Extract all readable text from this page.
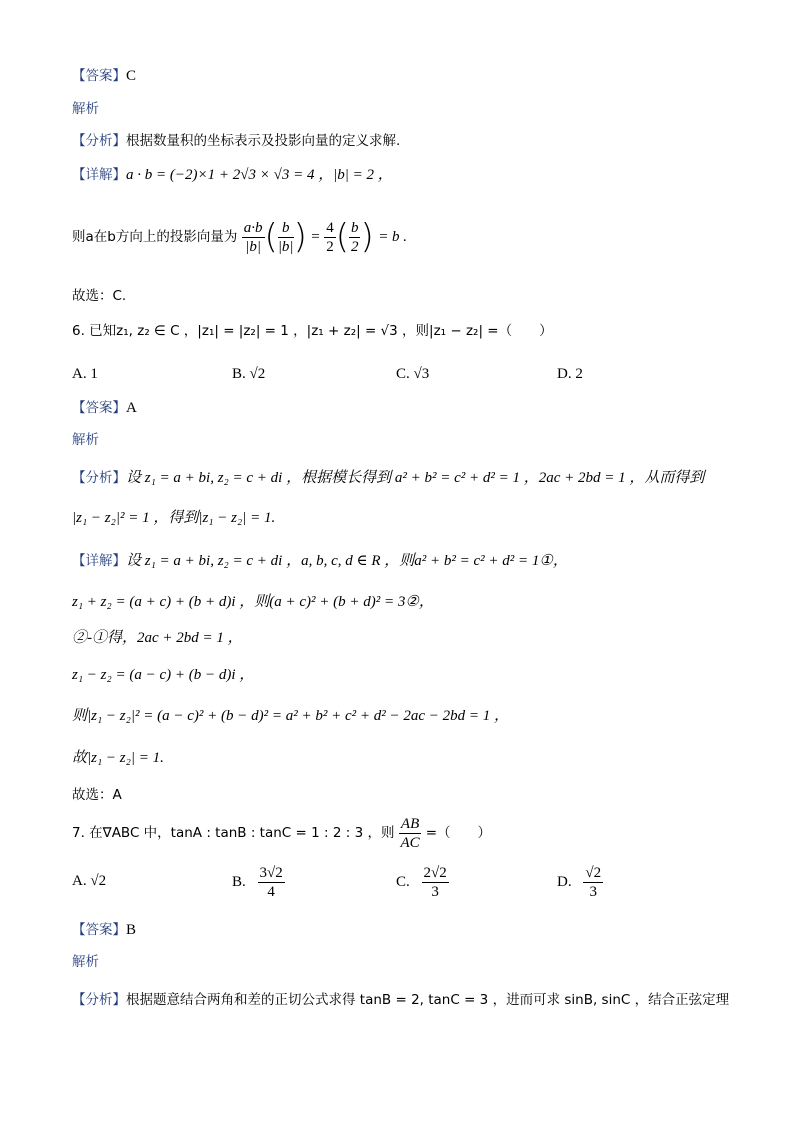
【答案】C
解析
【分析】根据数量积的坐标表示及投影向量的定义求解.
【详解】a · b = (−2)×1 + 2√3 × √3 = 4 ，|b| = 2 ，
则a在b方向上的投影向量为 $\frac{a\cdot b}{|b|}$ ( $\frac{b}{|b|}$ ) = $\frac{4}{2}$ ( $\frac{b}{2}$ ) = b .
故选：C.
6. 已知z₁, z₂ ∈ C ，|z₁| = |z₂| = 1 ，|z₁ + z₂| = √3 ，则|z₁ − z₂| =（　　）
A. 1	B. √2	C. √3	D. 2
【答案】A
解析
【分析】设 z₁ = a + bi, z₂ = c + di ，根据模长得到 a² + b² = c² + d² = 1 ，2ac + 2bd = 1 ，从而得到
|z₁ − z₂|² = 1 ，得到|z₁ − z₂| = 1.
【详解】设 z₁ = a + bi, z₂ = c + di ，a, b, c, d ∈ R ，则a² + b² = c² + d² = 1①，
z₁ + z₂ = (a + c) + (b + d)i ，则(a + c)² + (b + d)² = 3②，
②-①得，2ac + 2bd = 1 ，
z₁ − z₂ = (a − c) + (b − d)i ，
则|z₁ − z₂|² = (a − c)² + (b − d)² = a² + b² + c² + d² − 2ac − 2bd = 1 ，
故|z₁ − z₂| = 1.
故选：A
7. 在∇ABC 中，tanA : tanB : tanC = 1 : 2 : 3 ，则 $\frac{AB}{AC}$ =（　　）
A. √2	B. $\frac{3√2}{4}$	C. $\frac{2√2}{3}$	D. $\frac{√2}{3}$
【答案】B
解析
【分析】根据题意结合两角和差的正切公式求得 tanB = 2, tanC = 3 ，进而可求 sinB, sinC ，结合正弦定理
